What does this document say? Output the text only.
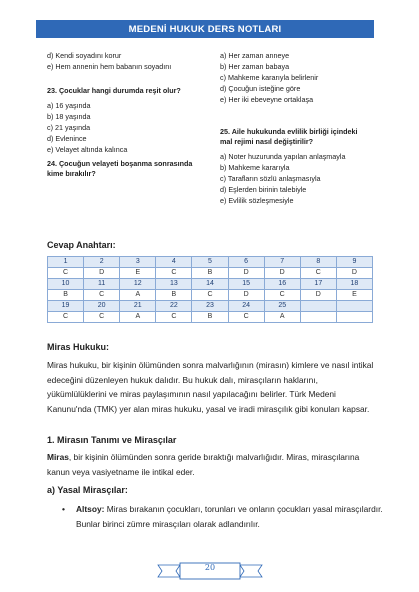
MEDENİ HUKUK DERS NOTLARI
d) Kendi soyadını korur
e) Hem annenin hem babanın soyadını
23. Çocuklar hangi durumda reşit olur?
a) 16 yaşında
b) 18 yaşında
c) 21 yaşında
d) Evlenince
e) Velayet altında kalınca
24. Çocuğun velayeti boşanma sonrasında
kime bırakılır?
a) Her zaman anneye
b) Her zaman babaya
c) Mahkeme kararıyla belirlenir
d) Çocuğun isteğine göre
e) Her iki ebeveyne ortaklaşa
25. Aile hukukunda evlilik birliği içindeki
mal rejimi nasıl değiştirilir?
a) Noter huzurunda yapılan anlaşmayla
b) Mahkeme kararıyla
c) Tarafların sözlü anlaşmasıyla
d) Eşlerden birinin talebiyle
e) Evlilik sözleşmesiyle
Cevap Anahtarı:
1	2	3	4	5	6	7	8	9
C	D	E	C	B	D	D	C	D
10	11	12	13	14	15	16	17	18
B	C	A	B	C	D	C	D	E
19	20	21	22	23	24	25		
C	C	A	C	B	C	A		
Miras Hukuku:
Miras hukuku, bir kişinin ölümünden sonra malvarlığının (mirasın) kimlere ve nasıl intikal edeceğini düzenleyen hukuk dalıdır. Bu hukuk dalı, mirasçıların haklarını, yükümlülüklerini ve miras paylaşımının nasıl yapılacağını belirler. Türk Medeni Kanunu'nda (TMK) yer alan miras hukuku, yasal ve iradi mirasçılık gibi konuları kapsar.
1. Mirasın Tanımı ve Mirasçılar
Miras, bir kişinin ölümünden sonra geride bıraktığı malvarlığıdır. Miras, mirasçılarına kanun veya vasiyetname ile intikal eder.
a) Yasal Mirasçılar:
• Altsoy: Miras bırakanın çocukları, torunları ve onların çocukları yasal mirasçılardır. Bunlar birinci zümre mirasçıları olarak adlandırılır.
20
